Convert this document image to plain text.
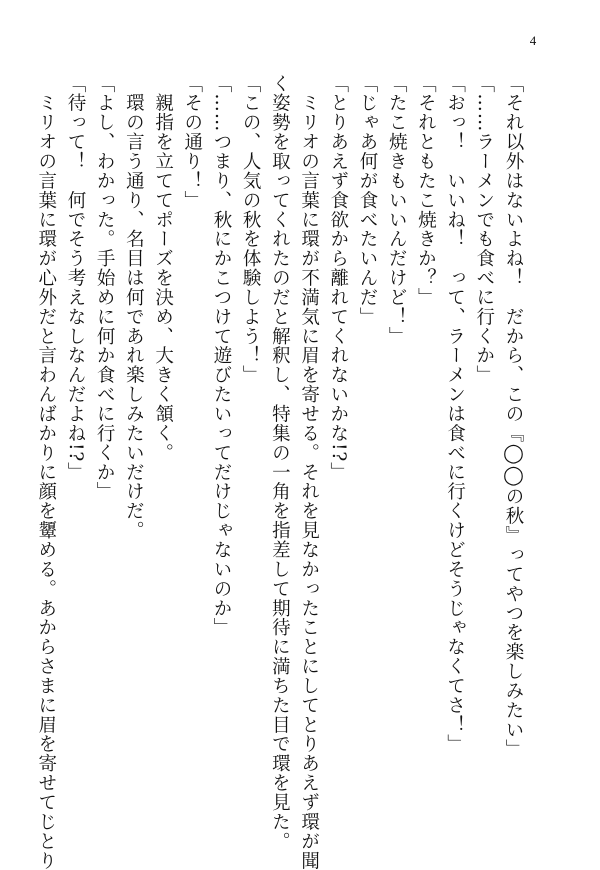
4

「それ以外はないよね！　だから、この『◯◯の秋』ってやつを楽しみたい」

「……ラーメンでも食べに行くか」

「おっ！　いいね！　って、ラーメンは食べに行くけどそうじゃなくてさ！」

「それともたこ焼きか？」

「たこ焼きもいいんだけど！」

「じゃあ何が食べたいんだ」

「とりあえず食欲から離れてくれないかな!?」

　ミリオの言葉に環が不満気に眉を寄せる。それを見なかったことにしてとりあえず環が聞

く姿勢を取ってくれたのだと解釈し、特集の一角を指差して期待に満ちた目で環を見た。

「この、人気の秋を体験しよう！」

「……つまり、秋にかこつけて遊びたいってだけじゃないのか」

「その通り！」

　親指を立ててポーズを決め、大きく頷く。

　環の言う通り、名目は何であれ楽しみたいだけだ。

「よし、わかった。手始めに何か食べに行くか」

「待って！　何でそう考えなしなんだよね!?」

　ミリオの言葉に環が心外だと言わんばかりに顔を顰める。あからさまに眉を寄せてじとり
